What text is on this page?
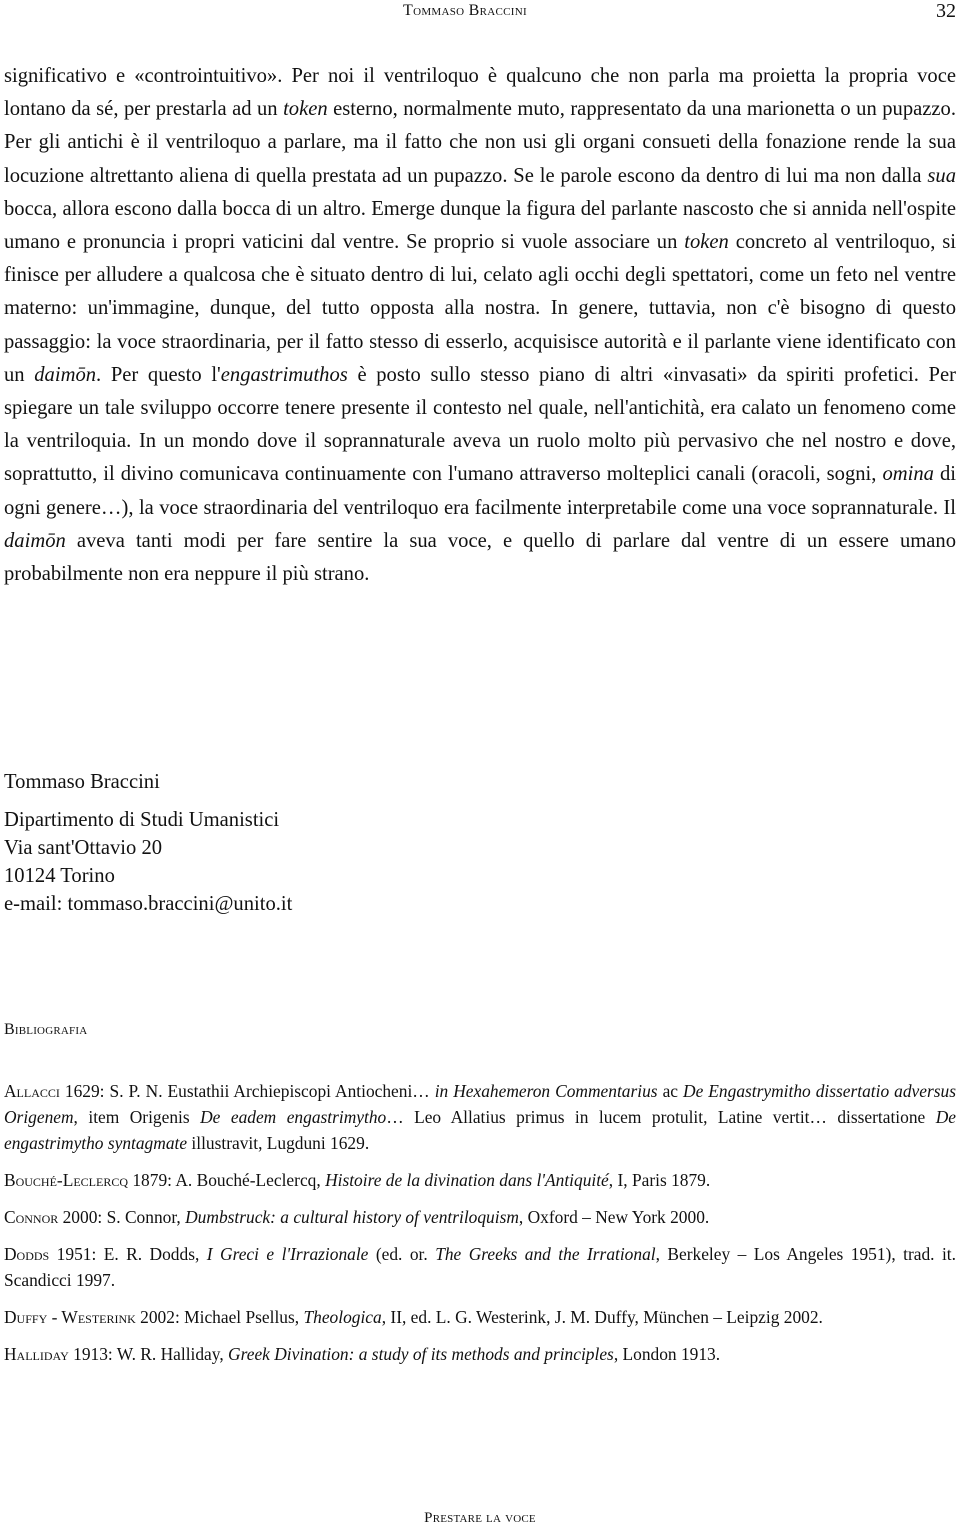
Tommaso Braccini	32

significativo e «controintuitivo». Per noi il ventriloquo è qualcuno che non parla ma proietta la propria voce lontano da sé, per prestarla ad un token esterno, normalmente muto, rappresentato da una marionetta o un pupazzo. Per gli antichi è il ventriloquo a parlare, ma il fatto che non usi gli organi consueti della fonazione rende la sua locuzione altrettanto aliena di quella prestata ad un pupazzo. Se le parole escono da dentro di lui ma non dalla sua bocca, allora escono dalla bocca di un altro. Emerge dunque la figura del parlante nascosto che si annida nell'ospite umano e pronuncia i propri vaticini dal ventre. Se proprio si vuole associare un token concreto al ventriloquo, si finisce per alludere a qualcosa che è situato dentro di lui, celato agli occhi degli spettatori, come un feto nel ventre materno: un'immagine, dunque, del tutto opposta alla nostra. In genere, tuttavia, non c'è bisogno di questo passaggio: la voce straordinaria, per il fatto stesso di esserlo, acquisisce autorità e il parlante viene identificato con un daimōn. Per questo l'engastrimuthos è posto sullo stesso piano di altri «invasati» da spiriti profetici. Per spiegare un tale sviluppo occorre tenere presente il contesto nel quale, nell'antichità, era calato un fenomeno come la ventriloquia. In un mondo dove il soprannaturale aveva un ruolo molto più pervasivo che nel nostro e dove, soprattutto, il divino comunicava continuamente con l'umano attraverso molteplici canali (oracoli, sogni, omina di ogni genere…), la voce straordinaria del ventriloquo era facilmente interpretabile come una voce soprannaturale. Il daimōn aveva tanti modi per fare sentire la sua voce, e quello di parlare dal ventre di un essere umano probabilmente non era neppure il più strano.

Tommaso Braccini
Dipartimento di Studi Umanistici
Via sant'Ottavio 20
10124 Torino
e-mail: tommaso.braccini@unito.it
Bibliografia
Allacci 1629: S. P. N. Eustathii Archiepiscopi Antiocheni… in Hexahemeron Commentarius ac De Engastrymitho dissertatio adversus Origenem, item Origenis De eadem engastrimytho… Leo Allatius primus in lucem protulit, Latine vertit… dissertatione De engastrimytho syntagmate illustravit, Lugduni 1629.
Bouché-Leclercq 1879: A. Bouché-Leclercq, Histoire de la divination dans l'Antiquité, I, Paris 1879.
Connor 2000: S. Connor, Dumbstruck: a cultural history of ventriloquism, Oxford – New York 2000.
Dodds 1951: E. R. Dodds, I Greci e l'Irrazionale (ed. or. The Greeks and the Irrational, Berkeley – Los Angeles 1951), trad. it. Scandicci 1997.
Duffy - Westerink 2002: Michael Psellus, Theologica, II, ed. L. G. Westerink, J. M. Duffy, München – Leipzig 2002.
Halliday 1913: W. R. Halliday, Greek Divination: a study of its methods and principles, London 1913.
Prestare la voce
